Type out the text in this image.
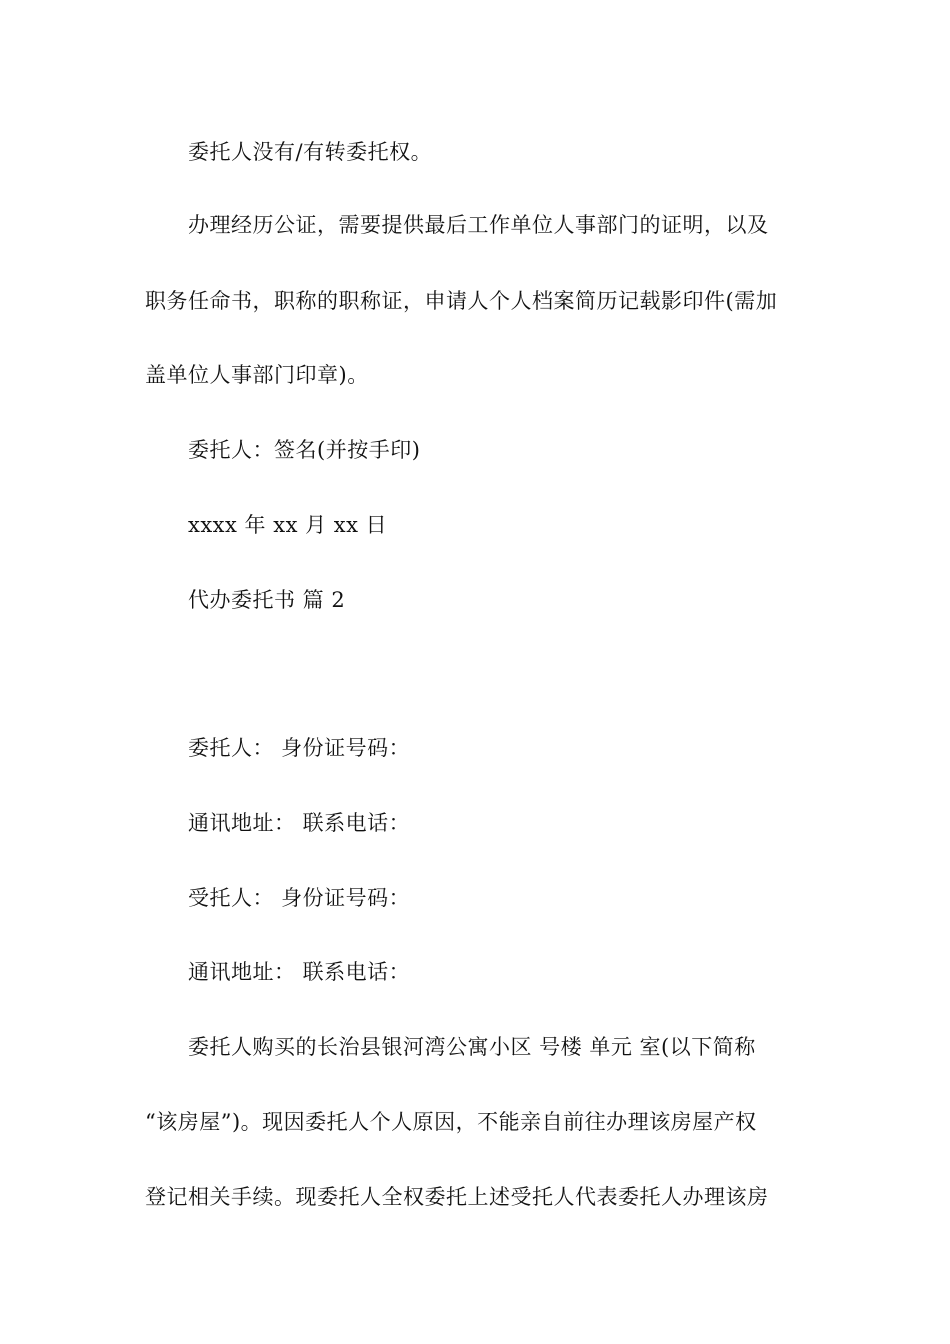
委托人没有/有转委托权。
办理经历公证，需要提供最后工作单位人事部门的证明，以及
职务任命书，职称的职称证，申请人个人档案简历记载影印件(需加
盖单位人事部门印章)。
委托人：签名(并按手印)
xxxx 年 xx 月 xx 日
代办委托书 篇 2
委托人： 身份证号码：
通讯地址： 联系电话：
受托人： 身份证号码：
通讯地址： 联系电话：
委托人购买的长治县银河湾公寓小区 号楼 单元 室(以下简称
“该房屋”)。现因委托人个人原因，不能亲自前往办理该房屋产权
登记相关手续。现委托人全权委托上述受托人代表委托人办理该房
